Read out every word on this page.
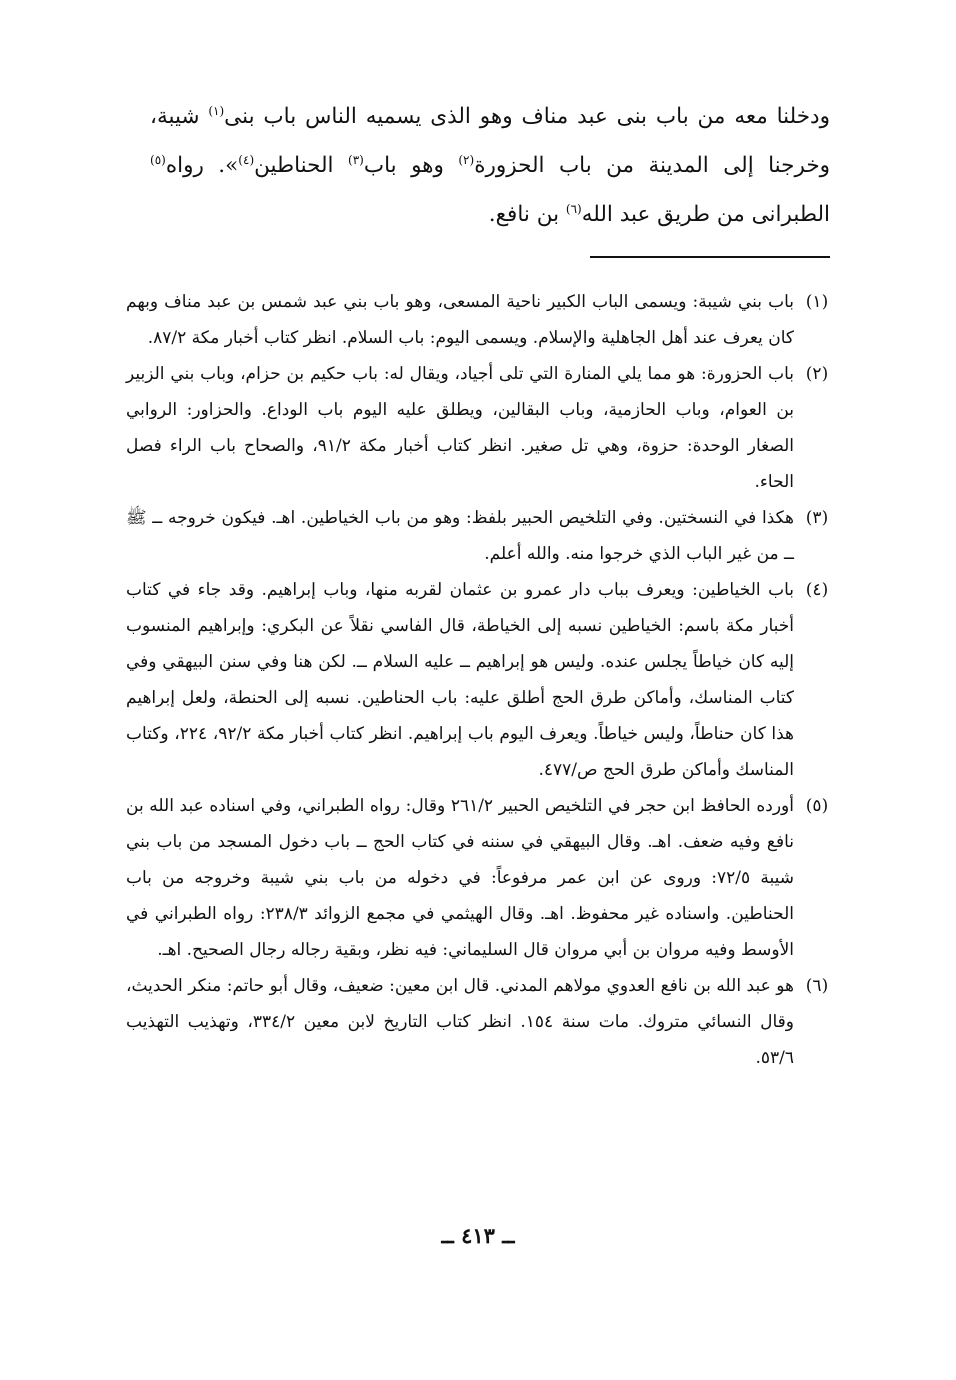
ودخلنا معه من باب بنى عبد مناف وهو الذى يسميه الناس باب بنى$^{(١)}$ شيبة، وخرجنا إلى المدينة من باب الحزورة$^{(٢)}$ وهو باب$^{(٣)}$ الحناطين$^{(٤)}$». رواه$^{(٥)}$ الطبرانى من طريق عبد الله$^{(٦)}$ بن نافع.

(١)

باب بني شيبة: ويسمى الباب الكبير ناحية المسعى، وهو باب بني عبد شمس بن عبد مناف وبهم كان يعرف عند أهل الجاهلية والإسلام. ويسمى اليوم: باب السلام. انظر كتاب أخبار مكة ٨٧/٢.

(٢)

باب الحزورة: هو مما يلي المنارة التي تلى أجياد، ويقال له: باب حكيم بن حزام، وباب بني الزبير بن العوام، وباب الحازمية، وباب البقالين، ويطلق عليه اليوم باب الوداع. والحزاور: الروابي الصغار الوحدة: حزوة، وهي تل صغير. انظر كتاب أخبار مكة ٩١/٢، والصحاح باب الراء فصل الحاء.

(٣)

هكذا في النسختين. وفي التلخيص الحبير بلفظ: وهو من باب الخياطين. اهـ. فيكون خروجه ــ ﷺ ــ من غير الباب الذي خرجوا منه. والله أعلم.

(٤)

باب الخياطين: ويعرف بباب دار عمرو بن عثمان لقربه منها، وباب إبراهيم. وقد جاء في كتاب أخبار مكة باسم: الخياطين نسبه إلى الخياطة، قال الفاسي نقلاً عن البكري: وإبراهيم المنسوب إليه كان خياطاً يجلس عنده. وليس هو إبراهيم ــ عليه السلام ــ. لكن هنا وفي سنن البيهقي وفي كتاب المناسك، وأماكن طرق الحج أطلق عليه: باب الحناطين. نسبه إلى الحنطة، ولعل إبراهيم هذا كان حناطاً، وليس خياطاً. ويعرف اليوم باب إبراهيم. انظر كتاب أخبار مكة ٩٢/٢، ٢٢٤، وكتاب المناسك وأماكن طرق الحج ص/٤٧٧.

(٥)

أورده الحافظ ابن حجر في التلخيص الحبير ٢٦١/٢ وقال: رواه الطبراني، وفي اسناده عبد الله بن نافع وفيه ضعف. اهـ. وقال البيهقي في سننه في كتاب الحج ــ باب دخول المسجد من باب بني شيبة ٧٢/٥: وروى عن ابن عمر مرفوعاً: في دخوله من باب بني شيبة وخروجه من باب الحناطين. واسناده غير محفوظ. اهـ. وقال الهيثمي في مجمع الزوائد ٢٣٨/٣: رواه الطبراني في الأوسط وفيه مروان بن أبي مروان قال السليماني: فيه نظر، وبقية رجاله رجال الصحيح. اهـ.

(٦)

هو عبد الله بن نافع العدوي مولاهم المدني. قال ابن معين: ضعيف، وقال أبو حاتم: منكر الحديث، وقال النسائي متروك. مات سنة ١٥٤. انظر كتاب التاريخ لابن معين ٣٣٤/٢، وتهذيب التهذيب ٥٣/٦.

ــ ٤١٣ ــ
